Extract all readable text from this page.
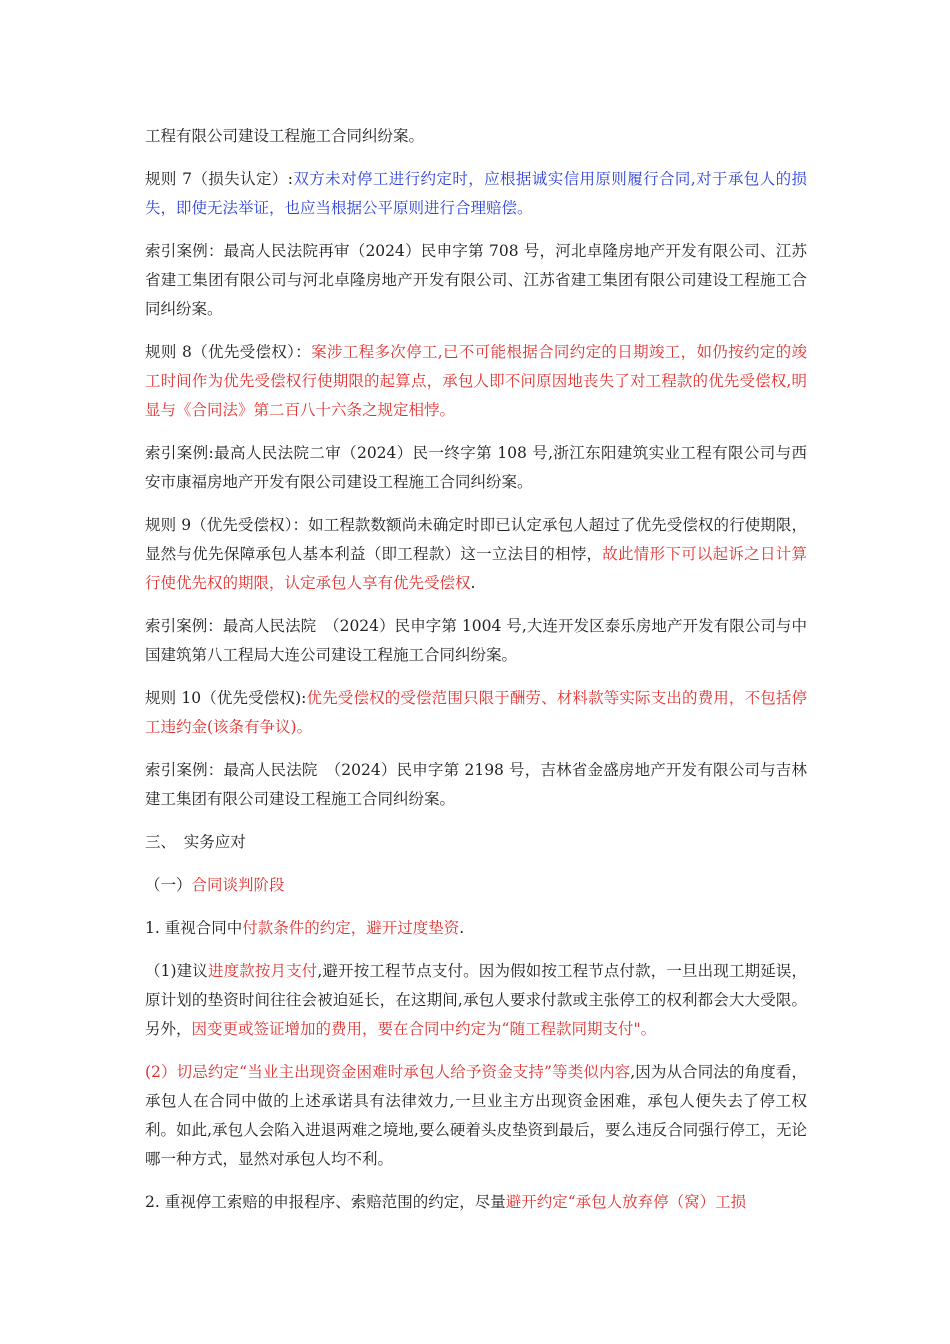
工程有限公司建设工程施工合同纠纷案。

规则 7（损失认定）:双方未对停工进行约定时，应根据诚实信用原则履行合同,对于承包人的损失，即使无法举证，也应当根据公平原则进行合理赔偿。

索引案例：最高人民法院再审（2024）民申字第 708 号，河北卓隆房地产开发有限公司、江苏省建工集团有限公司与河北卓隆房地产开发有限公司、江苏省建工集团有限公司建设工程施工合同纠纷案。

规则 8（优先受偿权）：案涉工程多次停工,已不可能根据合同约定的日期竣工，如仍按约定的竣工时间作为优先受偿权行使期限的起算点，承包人即不问原因地丧失了对工程款的优先受偿权,明显与《合同法》第二百八十六条之规定相悖。

索引案例:最高人民法院二审（2024）民一终字第 108 号,浙江东阳建筑实业工程有限公司与西安市康福房地产开发有限公司建设工程施工合同纠纷案。

规则 9（优先受偿权）：如工程款数额尚未确定时即已认定承包人超过了优先受偿权的行使期限，显然与优先保障承包人基本利益（即工程款）这一立法目的相悖，故此情形下可以起诉之日计算行使优先权的期限，认定承包人享有优先受偿权.

索引案例：最高人民法院　（2024）民申字第 1004 号,大连开发区泰乐房地产开发有限公司与中国建筑第八工程局大连公司建设工程施工合同纠纷案。

规则 10（优先受偿权):优先受偿权的受偿范围只限于酬劳、材料款等实际支出的费用，不包括停工违约金(该条有争议)。

索引案例：最高人民法院　（2024）民申字第 2198 号，吉林省金盛房地产开发有限公司与吉林建工集团有限公司建设工程施工合同纠纷案。

三、　实务应对

（一）合同谈判阶段

1. 重视合同中付款条件的约定，避开过度垫资.

（1)建议进度款按月支付,避开按工程节点支付。因为假如按工程节点付款，一旦出现工期延误，原计划的垫资时间往往会被迫延长，在这期间,承包人要求付款或主张停工的权利都会大大受限。另外，因变更或签证增加的费用，要在合同中约定为“随工程款同期支付"。

(2）切忌约定“当业主出现资金困难时承包人给予资金支持”等类似内容,因为从合同法的角度看，承包人在合同中做的上述承诺具有法律效力,一旦业主方出现资金困难，承包人便失去了停工权利。如此,承包人会陷入进退两难之境地,要么硬着头皮垫资到最后，要么违反合同强行停工，无论哪一种方式，显然对承包人均不利。

2. 重视停工索赔的申报程序、索赔范围的约定，尽量避开约定“承包人放弃停（窝）工损
